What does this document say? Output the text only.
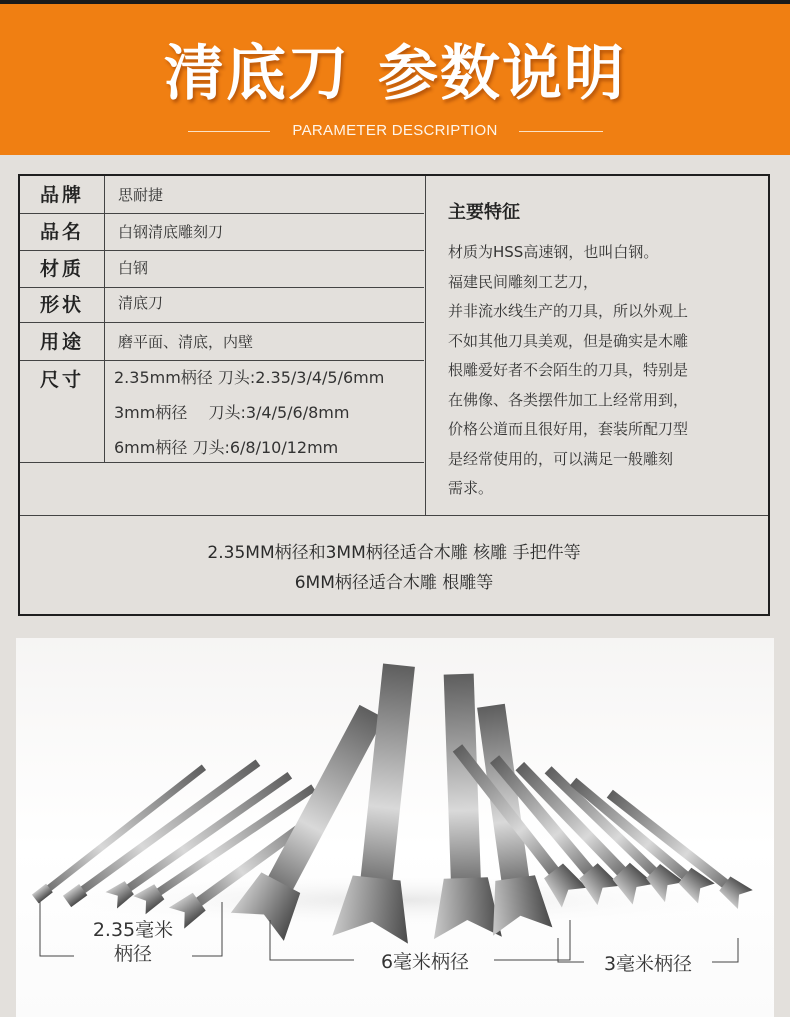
清底刀 参数说明
PARAMETER DESCRIPTION
品牌	思耐捷
品名	白钢清底雕刻刀
材质	白钢
形状	清底刀
用途	磨平面、清底，内壁
尺寸	2.35mm柄径 刀头:2.35/3/4/5/6mm
3mm柄径　 刀头:3/4/5/6/8mm
6mm柄径 刀头:6/8/10/12mm
主要特征
材质为HSS高速钢，也叫白钢。
福建民间雕刻工艺刀，
并非流水线生产的刀具，所以外观上
不如其他刀具美观，但是确实是木雕
根雕爱好者不会陌生的刀具，特别是
在佛像、各类摆件加工上经常用到，
价格公道而且很好用，套装所配刀型
是经常使用的，可以满足一般雕刻
需求。
2.35MM柄径和3MM柄径适合木雕 核雕 手把件等
6MM柄径适合木雕 根雕等
2.35毫米
柄径	6毫米柄径	3毫米柄径
